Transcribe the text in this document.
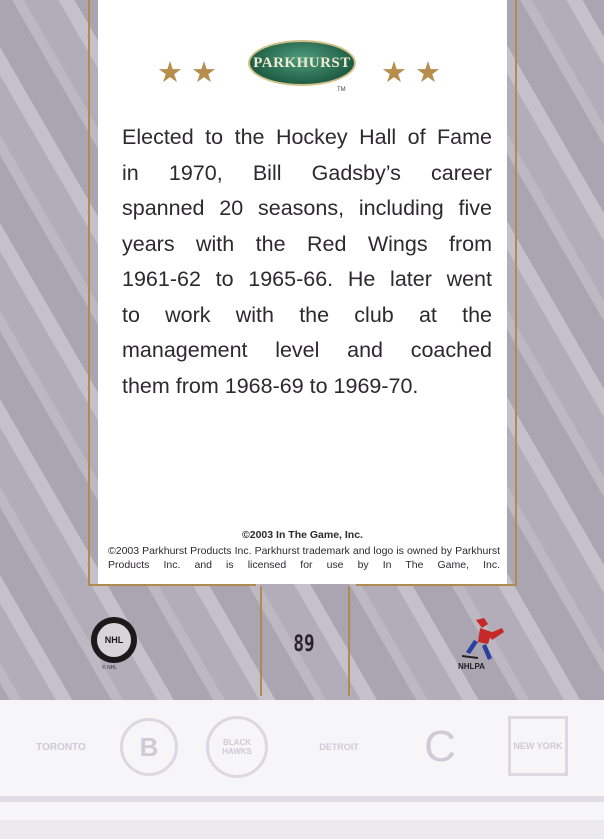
★★	★★
PARKHURST
TM

Elected to the Hockey Hall of Fame

in 1970, Bill Gadsby’s career

spanned 20 seasons, including five

years with the Red Wings from

1961-62 to 1965-66. He later went

to work with the club at the

management level and coached

them from 1968-69 to 1969-70.

©2003 In The Game, Inc.

©2003 Parkhurst Products Inc. Parkhurst trademark and logo is owned by Parkhurst Products Inc. and is licensed for use by In The Game, Inc.

NHL
© NHL
89
NHLPA
TORONTO B	BLACK HAWKS	DETROIT C	NEW YORK
